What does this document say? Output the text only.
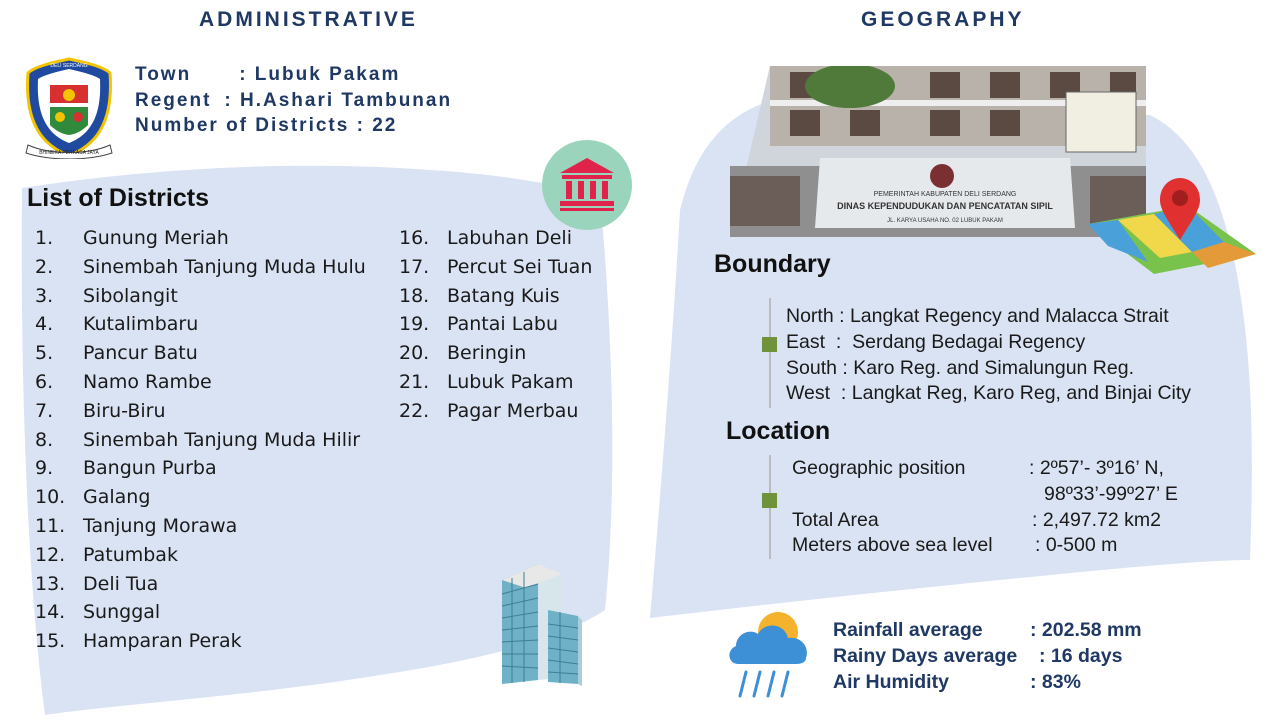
ADMINISTRATIVE	GEOGRAPHY
BHINEKA PERKASA JAYA
DELI SERDANG Town	: Lubuk Pakam
Regent : H.Ashari Tambunan
Number of Districts : 22
List of Districts
1. Gunung Meriah
2. Sinembah Tanjung Muda Hulu
3. Sibolangit
4. Kutalimbaru
5. Pancur Batu
6. Namo Rambe
7. Biru-Biru
8. Sinembah Tanjung Muda Hilir
9. Bangun Purba
10. Galang
11. Tanjung Morawa
12. Patumbak
13. Deli Tua
14. Sunggal
15. Hamparan Perak
16. Labuhan Deli
17. Percut Sei Tuan
18. Batang Kuis
19. Pantai Labu
20. Beringin
21. Lubuk Pakam
22. Pagar Merbau
PEMERINTAH KABUPATEN DELI SERDANG
DINAS KEPENDUDUKAN DAN PENCATATAN SIPIL
JL. KARYA USAHA NO. 02 LUBUK PAKAM
Boundary
North : Langkat Regency and Malacca Strait
East  :  Serdang Bedagai Regency
South : Karo Reg. and Simalungun Reg.
West  : Langkat Reg, Karo Reg, and Binjai City
Location
Geographic position	: 2º57’- 3º16’ N,
98º33’-99º27’ E
Total Area	: 2,497.72 km2
Meters above sea level : 0-500 m
Rainfall average : 202.58 mm
Rainy Days average : 16 days
Air Humidity	: 83%
